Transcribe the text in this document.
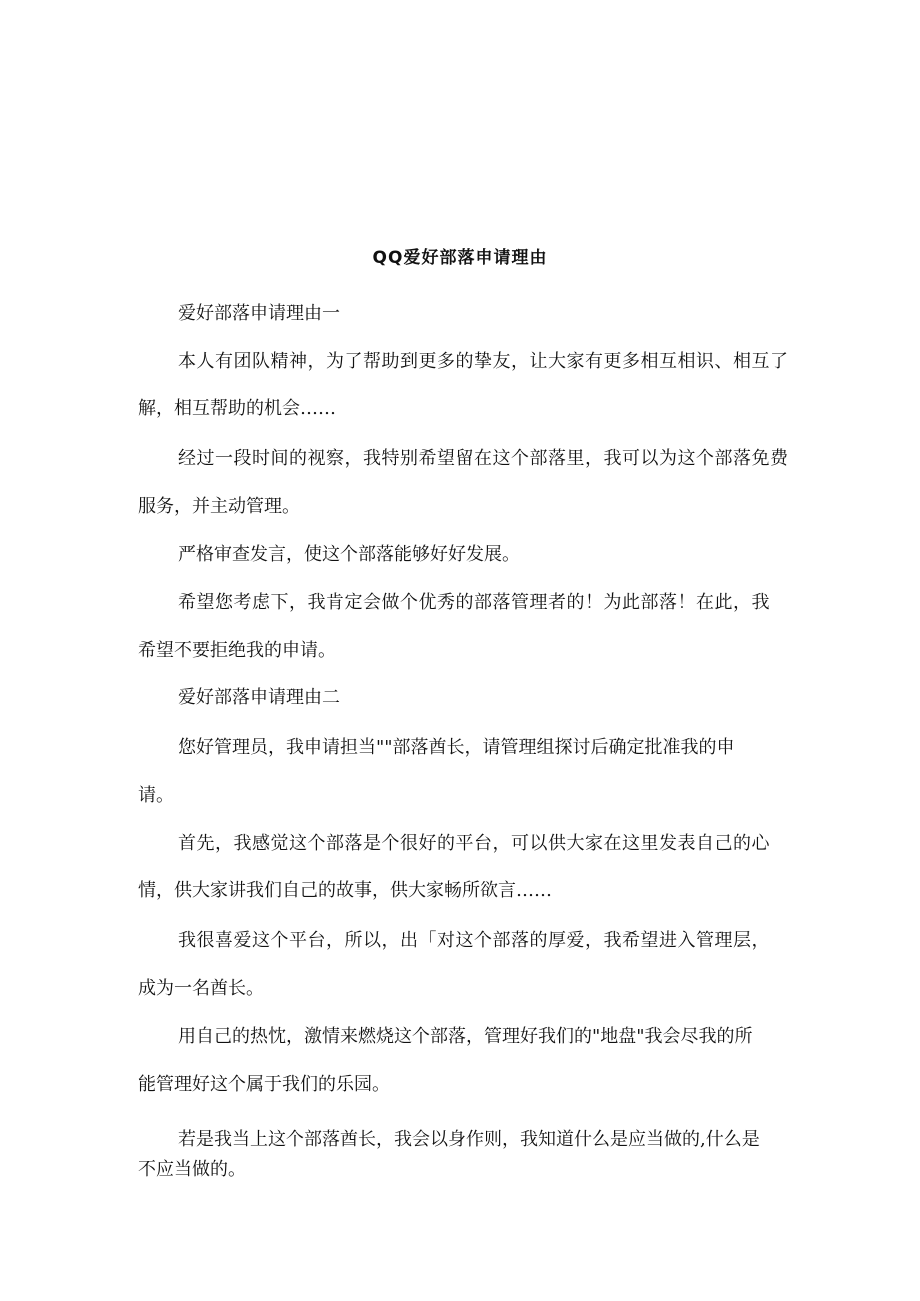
QQ爱好部落申请理由

爱好部落申请理由一

本人有团队精神，为了帮助到更多的挚友，让大家有更多相互相识、相互了

解，相互帮助的机会……

经过一段时间的视察，我特别希望留在这个部落里，我可以为这个部落免费

服务，并主动管理。

严格审查发言，使这个部落能够好好发展。

希望您考虑下，我肯定会做个优秀的部落管理者的！为此部落！在此，我

希望不要拒绝我的申请。

爱好部落申请理由二

您好管理员，我申请担当""部落酋长，请管理组探讨后确定批准我的申

请。

首先，我感觉这个部落是个很好的平台，可以供大家在这里发表自己的心

情，供大家讲我们自己的故事，供大家畅所欲言……

我很喜爱这个平台，所以，出「对这个部落的厚爱，我希望进入管理层，

成为一名酋长。

用自己的热忱，激情来燃烧这个部落，管理好我们的"地盘"我会尽我的所

能管理好这个属于我们的乐园。

若是我当上这个部落酋长，我会以身作则，我知道什么是应当做的,什么是

不应当做的。
